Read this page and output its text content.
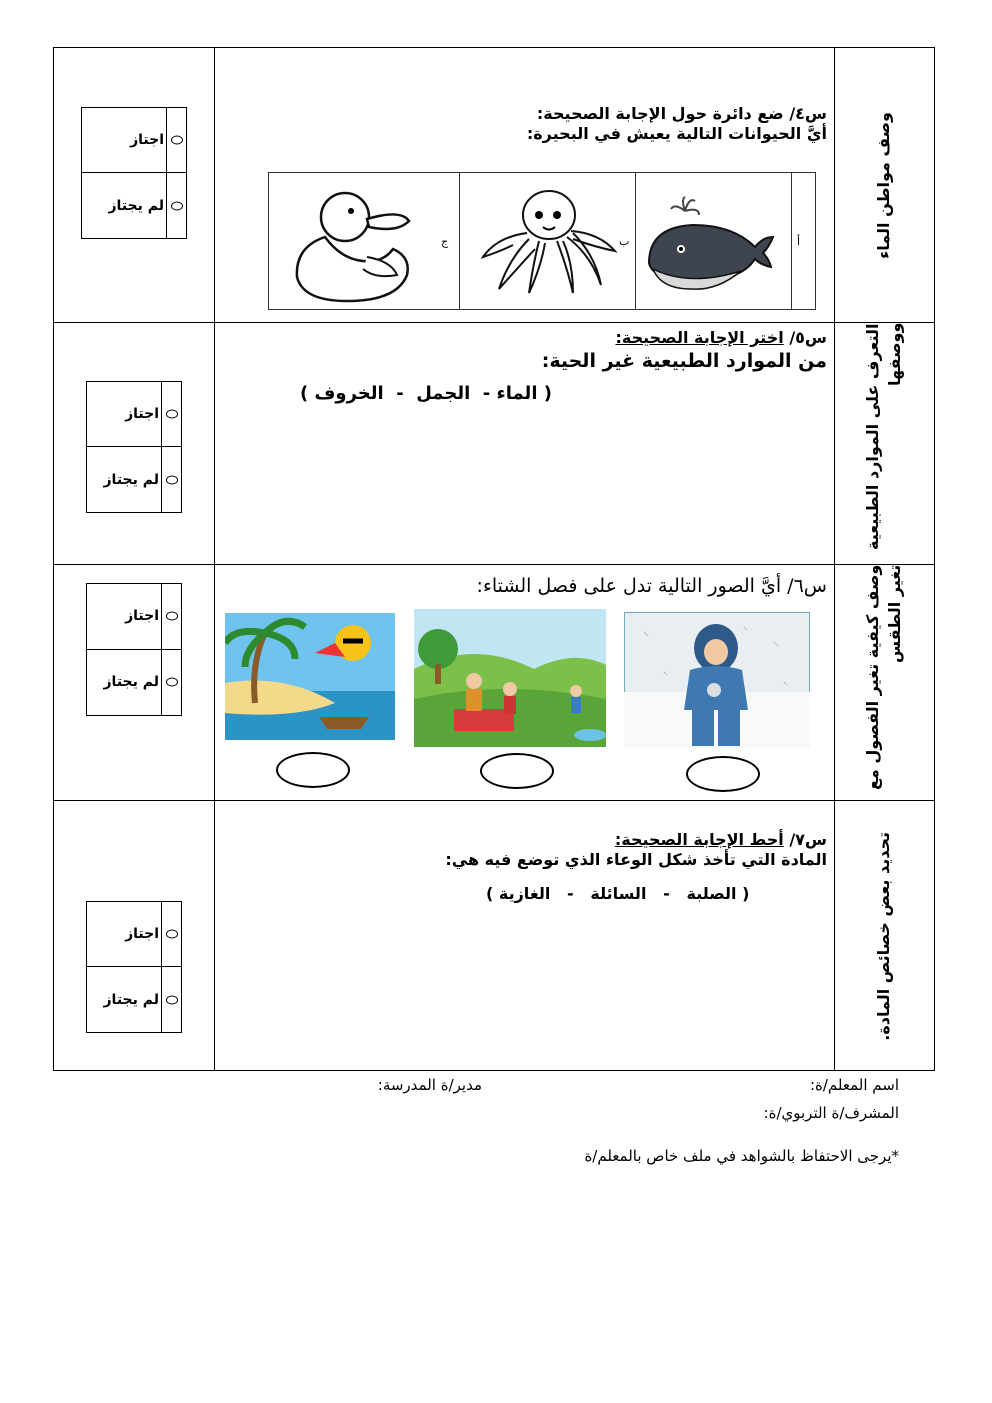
وصف مواطن الماء
التعرف على الموارد الطبيعية ووصفها
وصف كيفية تغير الفصول مع تغير الطقس
تحديد بعض خصائص المادة.
س٤/ ضع دائرة حول الإجابة الصحيحة:
أيَّ الحيوانات التالية يعيش في البحيرة:
أ
ب
ج
س٥/ اختر الإجابة الصحيحة:
من الموارد الطبيعية غير الحية:
( الماء -  الجمل  -  الخروف )
س٦/ أيَّ الصور التالية تدل على فصل الشتاء:
س٧/ أحط الإجابة الصحيحة:
المادة التي تأخذ شكل الوعاء الذي توضع فيه هي:
( الصلبة   -   السائلة   -   الغازية )
اجتاز
لم يجتاز
اجتاز
لم يجتاز
اجتاز
لم يجتاز
اجتاز
لم يجتاز
اسم المعلم/ة:
مدير/ة المدرسة:
المشرف/ة التربوي/ة:
*يرجى الاحتفاظ بالشواهد في ملف خاص بالمعلم/ة
